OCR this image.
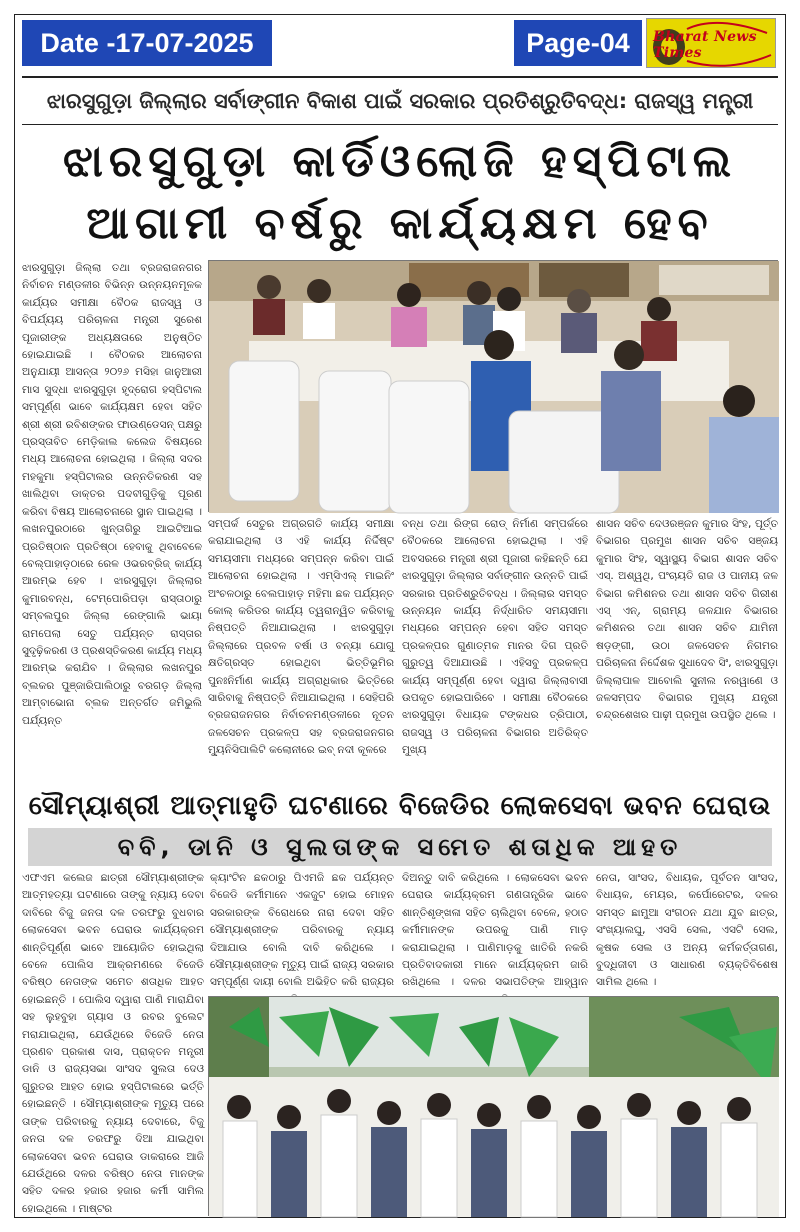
Date -17-07-2025	Page-04	Bharat News Times
ଝାରସୁଗୁଡ଼ା ଜିଲ୍ଲାର ସର୍ବାଙ୍ଗୀନ ବିକାଶ ପାଇଁ ସରକାର ପ୍ରତିଶ୍ରୁତିବଦ୍ଧ: ରାଜସ୍ୱ ମନ୍ତ୍ରୀ
ଝାରସୁଗୁଡ଼ା କାର୍ଡିଓଲୋଜି ହସ୍ପିଟାଲ
ଆଗାମୀ ବର୍ଷରୁ କାର୍ଯ୍ୟକ୍ଷମ ହେବ

ଝାରସୁଗୁଡ଼ା ଜିଲ୍ଲା ତଥା ବ୍ରଜରାଜନଗର ନିର୍ବାଚନ ମଣ୍ଡଳୀର ବିଭିନ୍ନ ଉନ୍ନୟନମୂଳକ କାର୍ଯ୍ୟର ସମୀକ୍ଷା ବୈଠକ ରାଜସ୍ୱ ଓ ବିପର୍ଯ୍ୟୟ ପରିଚାଳନା ମନ୍ତ୍ରୀ ସୁରେଶ ପୂଜାରୀଙ୍କ ଅଧ୍ୟକ୍ଷତାରେ ଅନୁଷ୍ଠିତ ହୋଇଯାଇଛି । ବୈଠକର ଆଲୋଚନା ଅନୁଯାୟୀ ଆସନ୍ତା ୨୦୨୬ ମସିହା ଜାନୁଆରୀ ମାସ ସୁଦ୍ଧା ଝାରସୁଗୁଡ଼ା ହୃଦ୍‌ରୋଗ ହସ୍ପିଟାଲ ସମ୍ପୂର୍ଣ୍ଣ ଭାବେ କାର୍ଯ୍ୟକ୍ଷମ ହେବା ସହିତ ଶ୍ରୀ ଶ୍ରୀ ରବିଶଙ୍କର ଫାଉଣ୍ଡେସନ୍ ପକ୍ଷରୁ ପ୍ରସ୍ତାବିତ ମେଡ଼ିକାଲ କଲେଜ ବିଷୟରେ ମଧ୍ୟ ଆଲୋଚନା ହୋଇଥିଲା । ଜିଲ୍ଲା ସଦର ମହକୁମା ହସ୍ପିଟାଲର ଉନ୍ନତିକରଣ ସହ ଖାଲିଥିବା ଡାକ୍ତର ପଦବୀଗୁଡ଼ିକୁ ପୂରଣ କରିବା ବିଷୟ ଆଲୋଚନାରେ ସ୍ଥାନ ପାଇଥିଲା । ଲଖନପୁରଠାରେ ଖୁନ୍ତାଗିରୁ ଆଇଟିଆଇ ପ୍ରତିଷ୍ଠାନ ପ୍ରତିଷ୍ଠା ହେବାକୁ ଥିବାବେଳେ ବେଲ୍ପାହାଡ଼ଠାରେ ରେଳ ଓଭରବ୍ରିଜ୍ କାର୍ଯ୍ୟ ଆରମ୍ଭ ହେବ । ଝାରସୁଗୁଡ଼ା ଜିଲ୍ଲାର କୁମାରବନ୍ଧ, ଟେମ୍ପୋରିପଡ଼ା ରାସ୍ତାଠାରୁ ସମ୍ବଲପୁର ଜିଲ୍ଲା ରେଙ୍ଗାଲି ଭାୟା ରାମପେଲା ସେତୁ ପର୍ଯ୍ୟନ୍ତ ରାସ୍ତାର ସୁଦୃଢ଼ିକରଣ ଓ ପ୍ରଶସ୍ତିକରଣ କାର୍ଯ୍ୟ ମଧ୍ୟ ଆରମ୍ଭ କରାଯିବ । ଜିଲ୍ଲାର ଲଖନପୁର ବ୍ଲକର ପୁଞ୍ଜାରିପାଲିଠାରୁ ବରଗଡ଼ ଜିଲ୍ଲା ଆମ୍ବାଭୋନା ବ୍ଲକ ଅନ୍ତର୍ଗତ ଜମିଭୁଲି ପର୍ଯ୍ୟନ୍ତ

ସମ୍ପର୍କ ସେତୁର ଅଗ୍ରଗତି କାର୍ଯ୍ୟ ସମୀକ୍ଷା କରାଯାଇଥିଲା ଓ ଏହି କାର୍ଯ୍ୟ ନିର୍ଦ୍ଦିଷ୍ଟ ସମୟସୀମା ମଧ୍ୟରେ ସମ୍ପନ୍ନ କରିବା ପାଇଁ ଆଲୋଚନା ହୋଇଥିଲା । ଏମ୍‌ସିଏଲ୍ ମାଇନିଂ ଅଂଚଳଠାରୁ ବେଲପାହାଡ଼ ମହିମା ଛକ ପର୍ଯ୍ୟନ୍ତ କୋଲ୍ କରିଡର କାର୍ଯ୍ୟ ତ୍ୱରାନ୍ୱିତ କରିବାକୁ ନିଷ୍ପତ୍ତି ନିଆଯାଇଥିଲା । ଝାରସୁଗୁଡ଼ା ଜିଲ୍ଲାରେ ପ୍ରବଳ ବର୍ଷା ଓ ବନ୍ୟା ଯୋଗୁ କ୍ଷତିଗ୍ରସ୍ତ ହୋଇଥିବା ଭିତ୍ତିଭୂମିର ପୁନଃନିର୍ମାଣ କାର୍ଯ୍ୟ ଅଗ୍ରାଧିକାର ଭିତ୍ତିରେ ସାରିବାକୁ ନିଷ୍ପତ୍ତି ନିଆଯାଇଥିଲା । ସେହିପରି ବ୍ରଜରାଜନଗର ନିର୍ବାଚନମଣ୍ଡଳୀରେ ନୂତନ ଜଳସେଚନ ପ୍ରକଳ୍ପ ସହ ବ୍ରଜରାଜନଗର ମ୍ୟୁନିସିପାଲିଟି କଲୋନୀରେ ଇବ୍ ନଦୀ କୂଳରେ

ବନ୍ଧ ତଥା ରିଙ୍ଗ ରୋଡ୍ ନିର୍ମାଣ ସମ୍ପର୍କରେ ବୈଠକରେ ଆଲୋଚନା ହୋଇଥିଲା । ଏହି ଅବସରରେ ମନ୍ତ୍ରୀ ଶ୍ରୀ ପୂଜାରୀ କହିଛନ୍ତି ଯେ ଝାରସୁଗୁଡ଼ା ଜିଲ୍ଲାର ସର୍ବାଙ୍ଗୀନ ଉନ୍ନତି ପାଇଁ ସରକାର ପ୍ରତିଶ୍ରୁତିବଦ୍ଧ । ଜିଲ୍ଲାର ସମସ୍ତ ଉନ୍ନୟନ କାର୍ଯ୍ୟ ନିର୍ଦ୍ଧାରିତ ସମୟସୀମା ମଧ୍ୟରେ ସମ୍ପନ୍ନ ହେବା ସହିତ ସମସ୍ତ ପ୍ରକଳ୍ପର ଗୁଣାତ୍ମକ ମାନର ଦିଗ ପ୍ରତି ଗୁରୁତ୍ୱ ଦିଆଯାଉଛି । ଏହିସବୁ ପ୍ରକଳ୍ପ କାର୍ଯ୍ୟ ସମ୍ପୂର୍ଣ୍ଣ ହେବା ଦ୍ୱାରା ଜିଲ୍ଲାବାସୀ ଉପକୃତ ହୋଇପାରିବେ । ସମୀକ୍ଷା ବୈଠକରେ ଝାରସୁଗୁଡ଼ା ବିଧାୟକ ଟଙ୍କଧର ତ୍ରିପାଠୀ, ରାଜସ୍ୱ ଓ ପରିଚାଳନା ବିଭାଗର ଅତିରିକ୍ତ ମୁଖ୍ୟ

ଶାସନ ସଚିବ ଦେଓରଞ୍ଜନ କୁମାର ସିଂହ, ପୂର୍ତ୍ତ ବିଭାଗର ପ୍ରମୁଖ ଶାସନ ସଚିବ ସଞ୍ଜୟ କୁମାର ସିଂହ, ସ୍ୱାସ୍ଥ୍ୟ ବିଭାଗ ଶାସନ ସଚିବ ଏସ୍. ଅଶ୍ୱଥି, ପଂଚାୟତି ରାଜ ଓ ପାନୀୟ ଜଳ ବିଭାଗ କମିଶନର ତଥା ଶାସନ ସଚିବ ଗିରୀଶ ଏସ୍ ଏନ୍, ଗ୍ରାମ୍ୟ ଜଳଯାନ ବିଭାଗର କମିଶନର ତଥା ଶାସନ ସଚିବ ଯାମିନୀ ଷଡ଼ଙ୍ଗୀ, ଉଠା ଜଳସେଚନ ନିଗମର ପରିଚାଳନା ନିର୍ଦ୍ଦେଶକ ସୁଧାଦେବ ସିଂ, ଝାରସୁଗୁଡ଼ା ଜିଲ୍ଲାପାଳ ଆବୋଲି ସୁନୀଲ ନରୱାଣେ ଓ ଜଳସମ୍ପଦ ବିଭାଗର ମୁଖ୍ୟ ଯନ୍ତ୍ରୀ ଚନ୍ଦ୍ରଶେଖର ପାଢ଼ୀ ପ୍ରମୁଖ ଉପସ୍ଥିତ ଥିଲେ ।

ସୌମ୍ୟାଶ୍ରୀ ଆତ୍ମାହୁତି ଘଟଣାରେ ବିଜେଡିର ଲୋକସେବା ଭବନ ଘେରାଉ
ବବି, ଡାନି ଓ ସୁଲତାଙ୍କ ସମେତ ଶତାଧିକ ଆହତ

ଏଫଏମ କଲେଜ ଛାତ୍ରୀ ସୌମ୍ୟାଶ୍ରୀଙ୍କ ଆତ୍ମହତ୍ୟା ଘଟଣାରେ ତାଙ୍କୁ ନ୍ୟାୟ ଦେବା ଦାବିରେ ବିଜୁ ଜନତା ଦଳ ତରଫରୁ ବୁଧବାର ଲୋକସେବା ଭବନ ଘେରାଉ କାର୍ଯ୍ୟକ୍ରମ ଶାନ୍ତିପୂର୍ଣ୍ଣ ଭାବେ ଆୟୋଜିତ ହୋଇଥିଲା ବେଳେ ପୋଲିସ ଆକ୍ରମଣରେ ବିଜେଡି ବରିଷ୍ଠ ନେତାଙ୍କ ସମେତ ଶତାଧିକ ଆହତ ହୋଇଛନ୍ତି । ପୋଲିସ ଦ୍ୱାରା ପାଣି ମାରାଯିବା ସହ ଲୁହବୁହା ଗ୍ୟାସ ଓ ରବର ବୁଲେଟ ମରାଯାଇଥିଲା, ଯେଉଁଥିରେ ବିଜେଡି ନେତା ପ୍ରଣବ ପ୍ରକାଶ ଦାସ, ପ୍ରାକ୍ତନ ମନ୍ତ୍ରୀ ଡାନି ଓ ରାଜ୍ୟସଭା ସାଂସଦ ସୁଲତା ଦେଓ ଗୁରୁତର ଆହତ ହୋଇ ହସ୍ପିଟାଲରେ ଭର୍ତ୍ତି ହୋଇଛନ୍ତି । ସୌମ୍ୟାଶ୍ରୀଙ୍କ ମୃତ୍ୟୁ ପରେ ତାଙ୍କ ପରିବାରକୁ ନ୍ୟାୟ ଦେବାରେ, ବିଜୁ ଜନତା ଦଳ ତରଫରୁ ଦିଆ ଯାଇଥିବା ଲୋକସେବା ଭବନ ଘେରାଉ ଡାକରାରେ ଆଜି ଯେଉଁଥିରେ ଦଳର ବରିଷ୍ଠ ନେତା ମାନଙ୍କ ସହିତ ଦଳର ହଜାର ହଜାର କର୍ମୀ ସାମିଲ ହୋଇଥିଲେ । ମାଷ୍ଟର

କ୍ୟାଂଟିନ ଛକଠାରୁ ପିଏମଜି ଛକ ପର୍ଯ୍ୟନ୍ତ ବିଜେଡି କର୍ମୀମାନେ ଏକଜୁଟ ହୋଇ ମୋହନ ସରକାରଙ୍କ ବିରୋଧରେ ନାରା ଦେବା ସହିତ ସୌମ୍ୟାଶ୍ରୀଙ୍କ ପରିବାରକୁ ନ୍ୟାୟ ଦିଆଯାଉ ବୋଲି ଦାବି କରିଥିଲେ । ସୌମ୍ୟାଶ୍ରୀଙ୍କ ମୃତ୍ୟୁ ପାଇଁ ରାଜ୍ୟ ସରକାର ସମ୍ପୂର୍ଣ୍ଣ ଦାୟୀ ବୋଲି ଅଭିହିତ କରି ରାଜ୍ୟର

ଦିଅନ୍ତୁ ଦାବି କରିଥିଲେ । ଲୋକସେବା ଭବନ ଘେରାଉ କାର୍ଯ୍ୟକ୍ରମ ଗଣତାନ୍ତ୍ରିକ ଭାବେ ଶାନ୍ତିଶୃଙ୍ଖଳା ସହିତ ଚାଲିଥିବା ବେଳେ, ହଠାତ କର୍ମୀମାନଙ୍କ ଉପରକୁ ପାଣି ମାଡ଼ କରାଯାଇଥିଲା । ପାଣିମାଡ଼କୁ ଖାତିରି ନକରି ପ୍ରତିବାଦକାରୀ ମାନେ କାର୍ଯ୍ୟକ୍ରମ ଜାରି ରଖିଥିଲେ । ଦଳର ସଭାପତିଙ୍କ ଆହ୍ୱାନ

ନେତା, ସାଂସଦ, ବିଧାୟକ, ପୂର୍ବତନ ସାଂସଦ, ବିଧାୟକ, ମେୟର, କର୍ପୋରେଟର, ଦଳର ସମସ୍ତ ଛାମୁଆ ସଂଗଠନ ଯଥା ଯୁବ ଛାତ୍ର, ସଂଖ୍ୟାଲଘୁ, ଏସସି ସେଲ, ଏସଟି ସେଲ, କୃଷକ ସେଲ ଓ ଅନ୍ୟ କର୍ମକର୍ତ୍ତାଗଣ, ବୁଦ୍ଧିଜୀବୀ ଓ ସାଧାରଣ ବ୍ୟକ୍ତିବିଶେଷ ସାମିଲ ଥିଲେ ।
